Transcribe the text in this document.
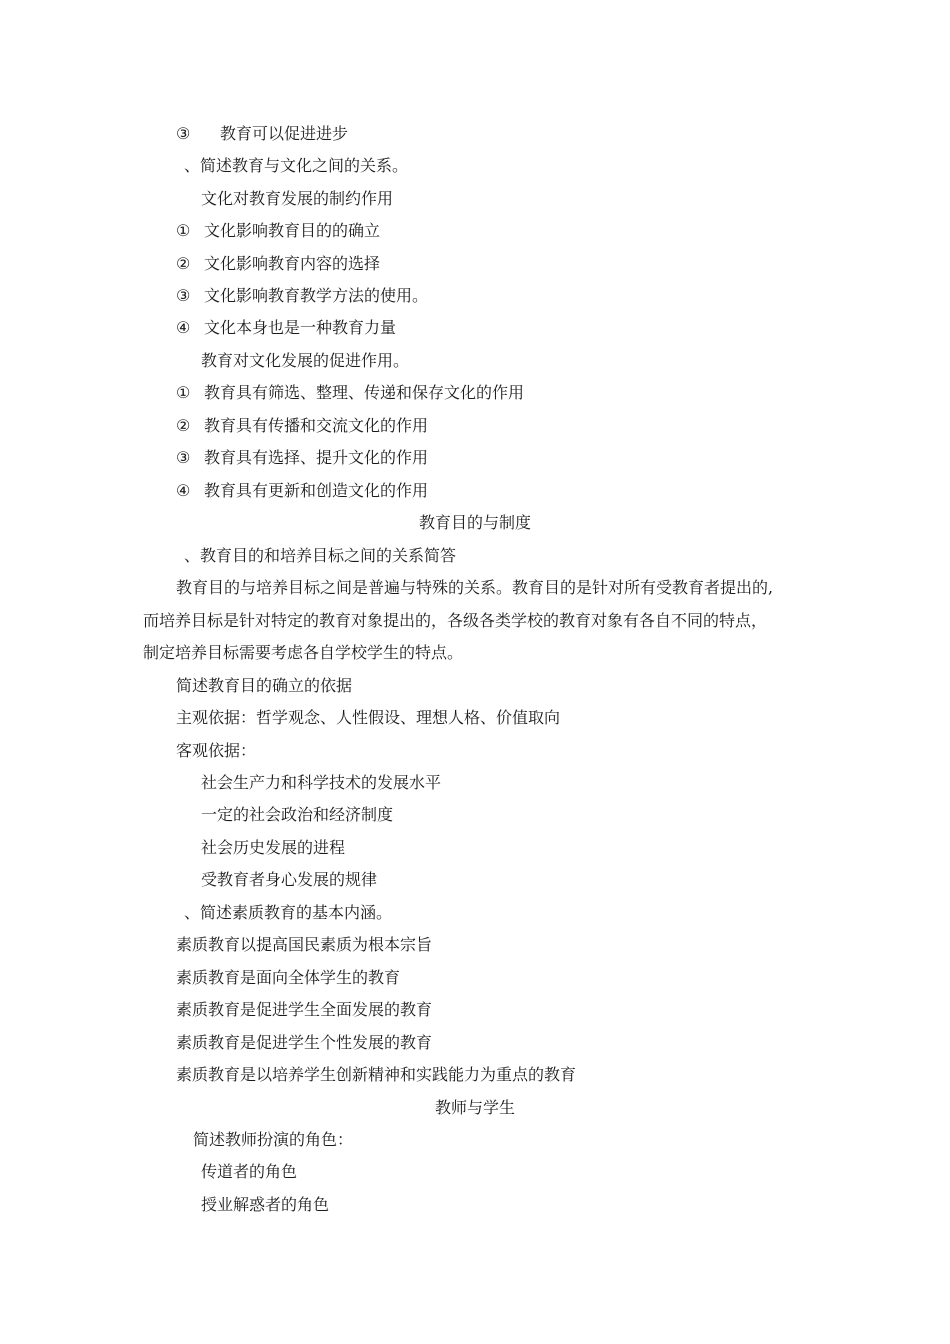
③ 教育可以促进进步
、简述教育与文化之间的关系。
文化对教育发展的制约作用
① 文化影响教育目的的确立
② 文化影响教育内容的选择
③ 文化影响教育教学方法的使用。
④ 文化本身也是一种教育力量
教育对文化发展的促进作用。
① 教育具有筛选、整理、传递和保存文化的作用
② 教育具有传播和交流文化的作用
③ 教育具有选择、提升文化的作用
④ 教育具有更新和创造文化的作用
教育目的与制度
、教育目的和培养目标之间的关系简答
教育目的与培养目标之间是普遍与特殊的关系。教育目的是针对所有受教育者提出的,
而培养目标是针对特定的教育对象提出的，各级各类学校的教育对象有各自不同的特点，
制定培养目标需要考虑各自学校学生的特点。
简述教育目的确立的依据
主观依据：哲学观念、人性假设、理想人格、价值取向
客观依据：
社会生产力和科学技术的发展水平
一定的社会政治和经济制度
社会历史发展的进程
受教育者身心发展的规律
、简述素质教育的基本内涵。
素质教育以提高国民素质为根本宗旨
素质教育是面向全体学生的教育
素质教育是促进学生全面发展的教育
素质教育是促进学生个性发展的教育
素质教育是以培养学生创新精神和实践能力为重点的教育
教师与学生
简述教师扮演的角色：
传道者的角色
授业解惑者的角色
